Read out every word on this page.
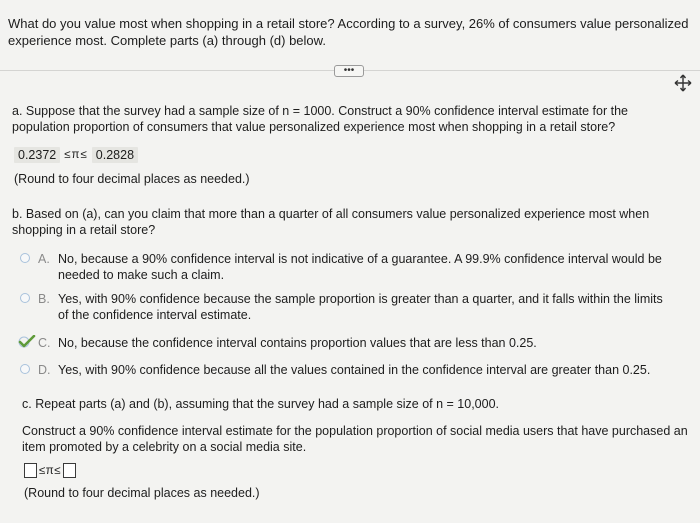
What do you value most when shopping in a retail store? According to a survey, 26% of consumers value personalized experience most. Complete parts (a) through (d) below.
•••
a. Suppose that the survey had a sample size of n = 1000. Construct a 90% confidence interval estimate for the population proportion of consumers that value personalized experience most when shopping in a retail store?
0.2372 ≤π≤ 0.2828
(Round to four decimal places as needed.)
b. Based on (a), can you claim that more than a quarter of all consumers value personalized experience most when shopping in a retail store?
A. No, because a 90% confidence interval is not indicative of a guarantee. A 99.9% confidence interval would be needed to make such a claim.
B. Yes, with 90% confidence because the sample proportion is greater than a quarter, and it falls within the limits of the confidence interval estimate.
C. No, because the confidence interval contains proportion values that are less than 0.25.
D. Yes, with 90% confidence because all the values contained in the confidence interval are greater than 0.25.
c. Repeat parts (a) and (b), assuming that the survey had a sample size of n = 10,000.
Construct a 90% confidence interval estimate for the population proportion of social media users that have purchased an item promoted by a celebrity on a social media site.
≤π≤
(Round to four decimal places as needed.)
